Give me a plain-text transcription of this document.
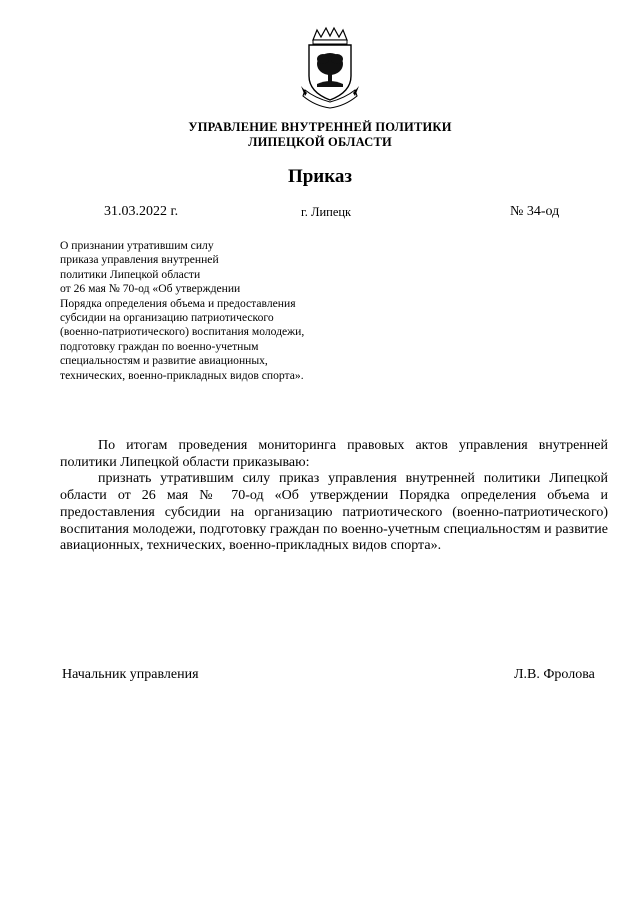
УПРАВЛЕНИЕ ВНУТРЕННЕЙ ПОЛИТИКИ
ЛИПЕЦКОЙ ОБЛАСТИ
Приказ
31.03.2022 г.	г. Липецк	№ 34-од
О признании утратившим силу
приказа управления внутренней
политики Липецкой области
от 26 мая № 70-од «Об утверждении
Порядка определения объема и предоставления
субсидии на организацию патриотического
(военно-патриотического) воспитания молодежи,
подготовку граждан по военно-учетным
специальностям и развитие авиационных,
технических, военно-прикладных видов спорта».

По итогам проведения мониторинга правовых актов управления внутренней политики Липецкой области приказываю:

признать утратившим силу приказ управления внутренней политики Липецкой области от 26 мая № 70-од «Об утверждении Порядка определения объема и предоставления субсидии на организацию патриотического (военно-патриотического) воспитания молодежи, подготовку граждан по военно-учетным специальностям и развитие авиационных, технических, военно-прикладных видов спорта».

Начальник управления	Л.В. Фролова
